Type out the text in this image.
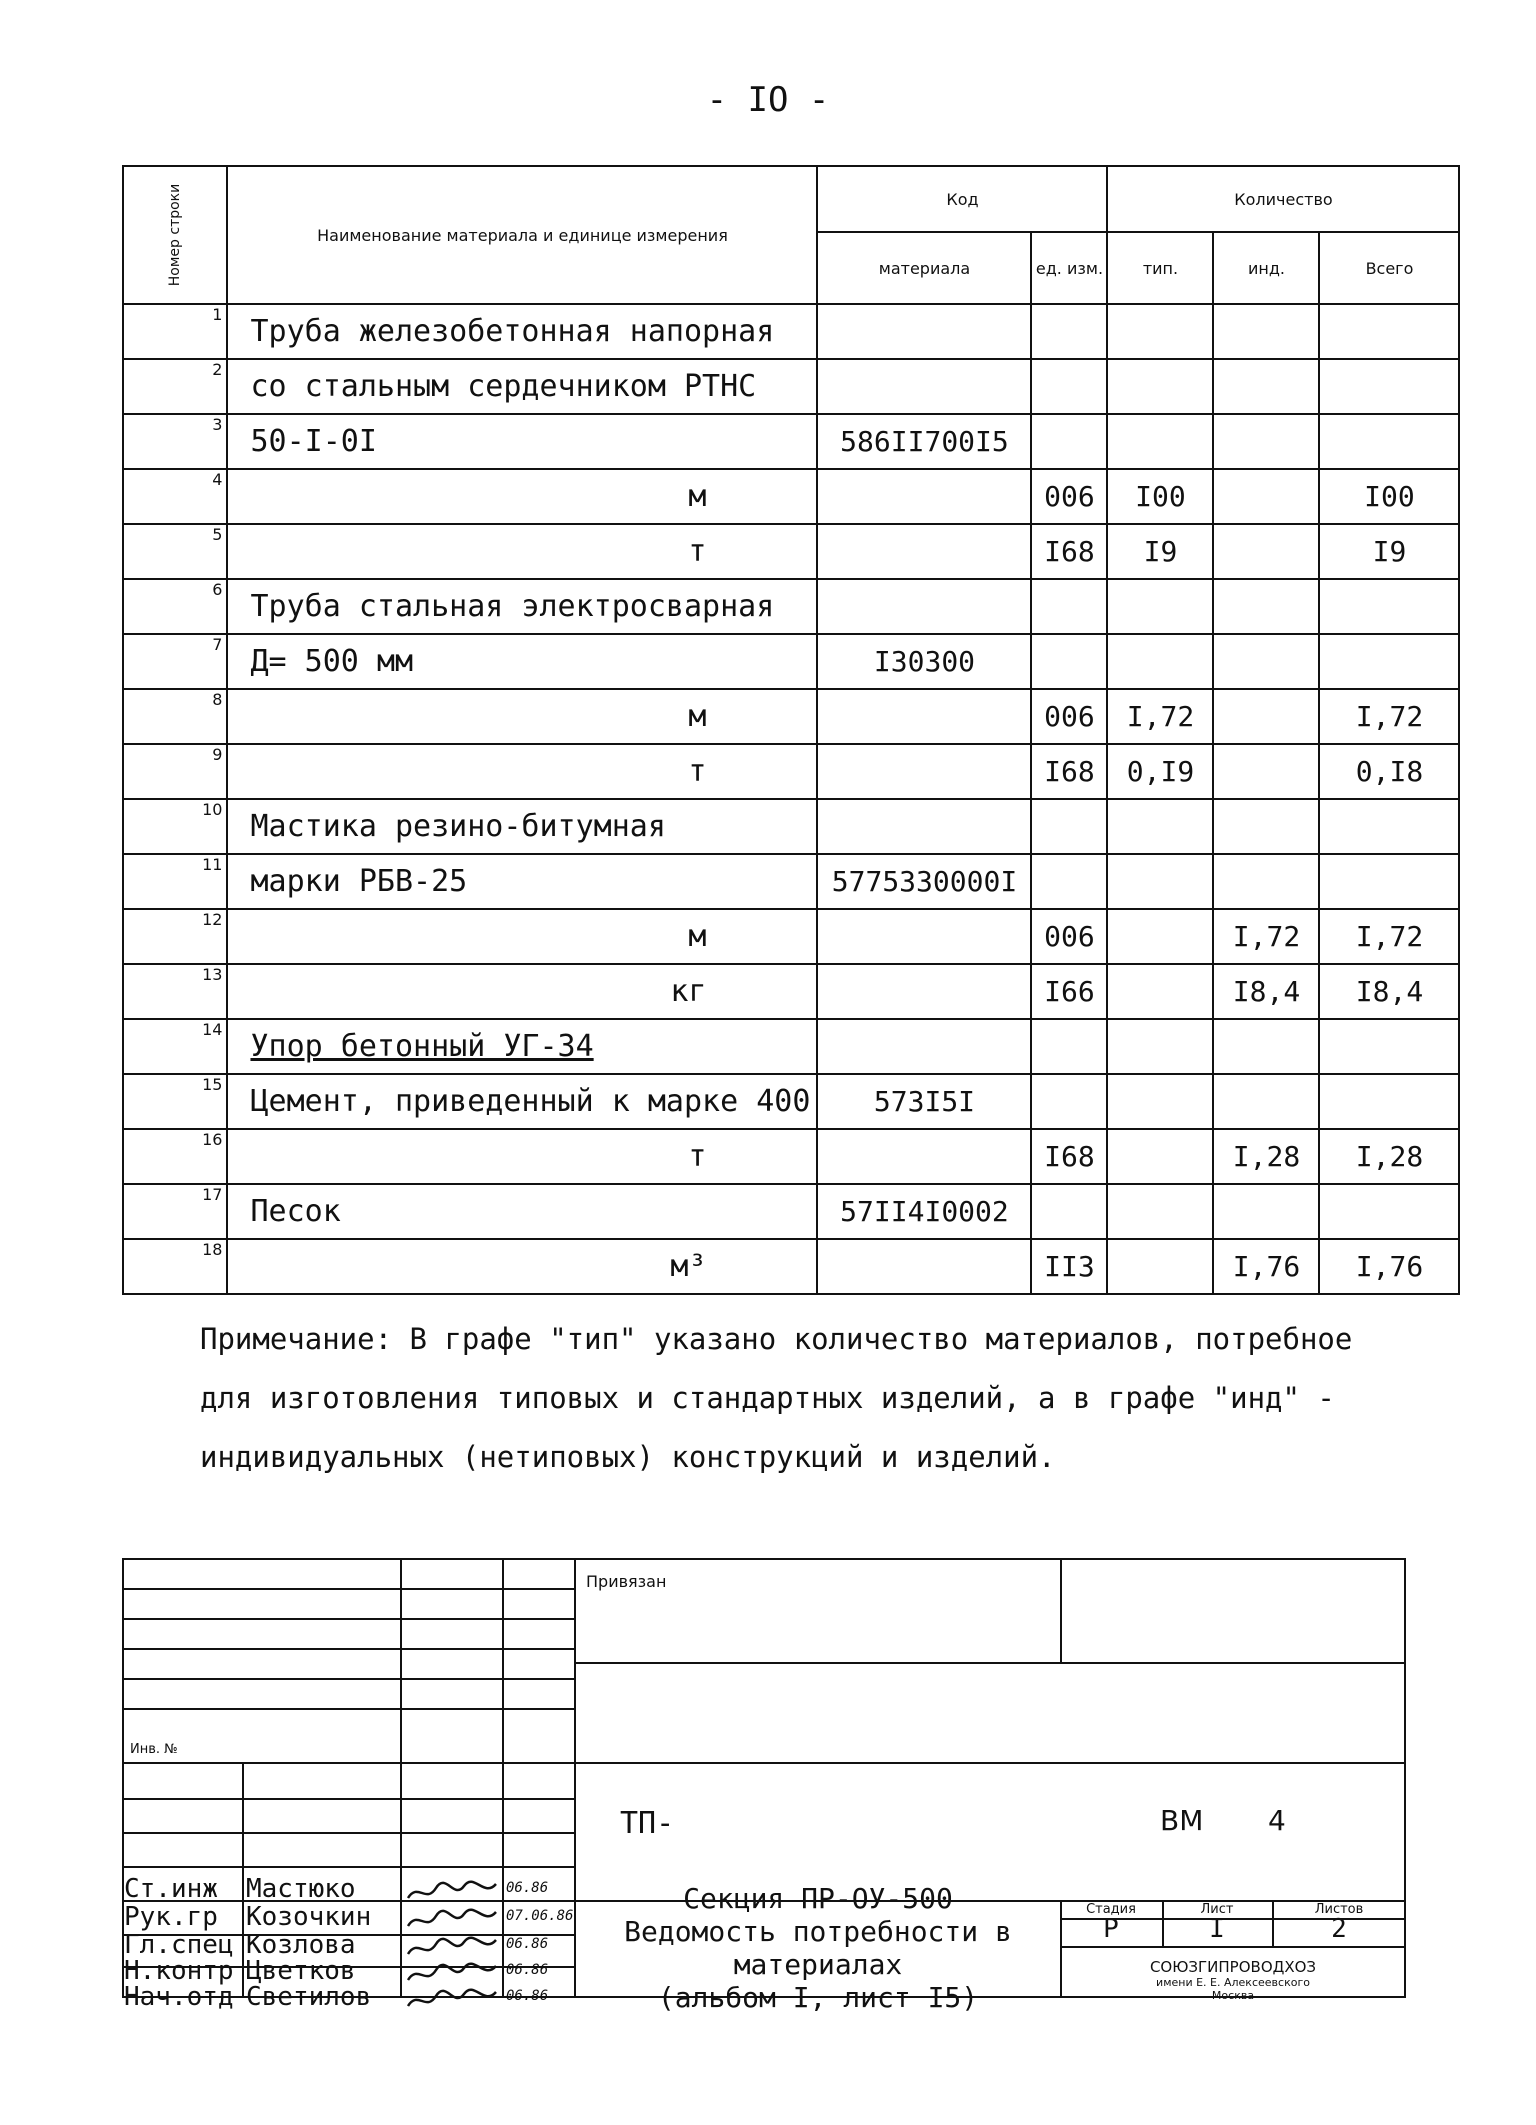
- IO -
Номер строки	Наименование материала и единице измерения	Код		Количество		
		материала	ед. изм.	тип.	инд.	Всего
1	Труба железобетонная напорная					
2	со стальным сердечником РТНС					
3	50-I-0I	586II700I5				
4	м		006	I00		I00
5	т		I68	I9		I9
6	Труба стальная электросварная					
7	Д= 500 мм	I30300				
8	м		006	I,72		I,72
9	т		I68	0,I9		0,I8
10	Мастика резино-битумная					
11	марки РБВ-25	5775330000I				
12	м		006		I,72	I,72
13	кг		I66		I8,4	I8,4
14	Упор бетонный УГ-34					
15	Цемент, приведенный к марке 400	573I5I				
16	т		I68		I,28	I,28
17	Песок	57II4I0002				
18	м³		II3		I,76	I,76
Примечание: В графе "тип" указано количество материалов, потребное для изготовления типовых и стандартных изделий, а в графе "инд" - индивидуальных (нетиповых) конструкций и изделий.
Привязан
Инв. №
ТП-	ВМ 4
Ст.инж Мастюко	06.86
Рук.гр Козочкин	07.06.86
Гл.спец Козлова	06.86
Н.контр Цветков	06.86
Нач.отд Светилов	06.86
Секция ПР-ОУ-500
Ведомость потребности в
материалах
(альбом I, лист I5)
Стадия	Лист	Листов
Р	I	2
СОЮЗГИПРОВОДХОЗ
имени Е. Е. Алексеевского
Москва
